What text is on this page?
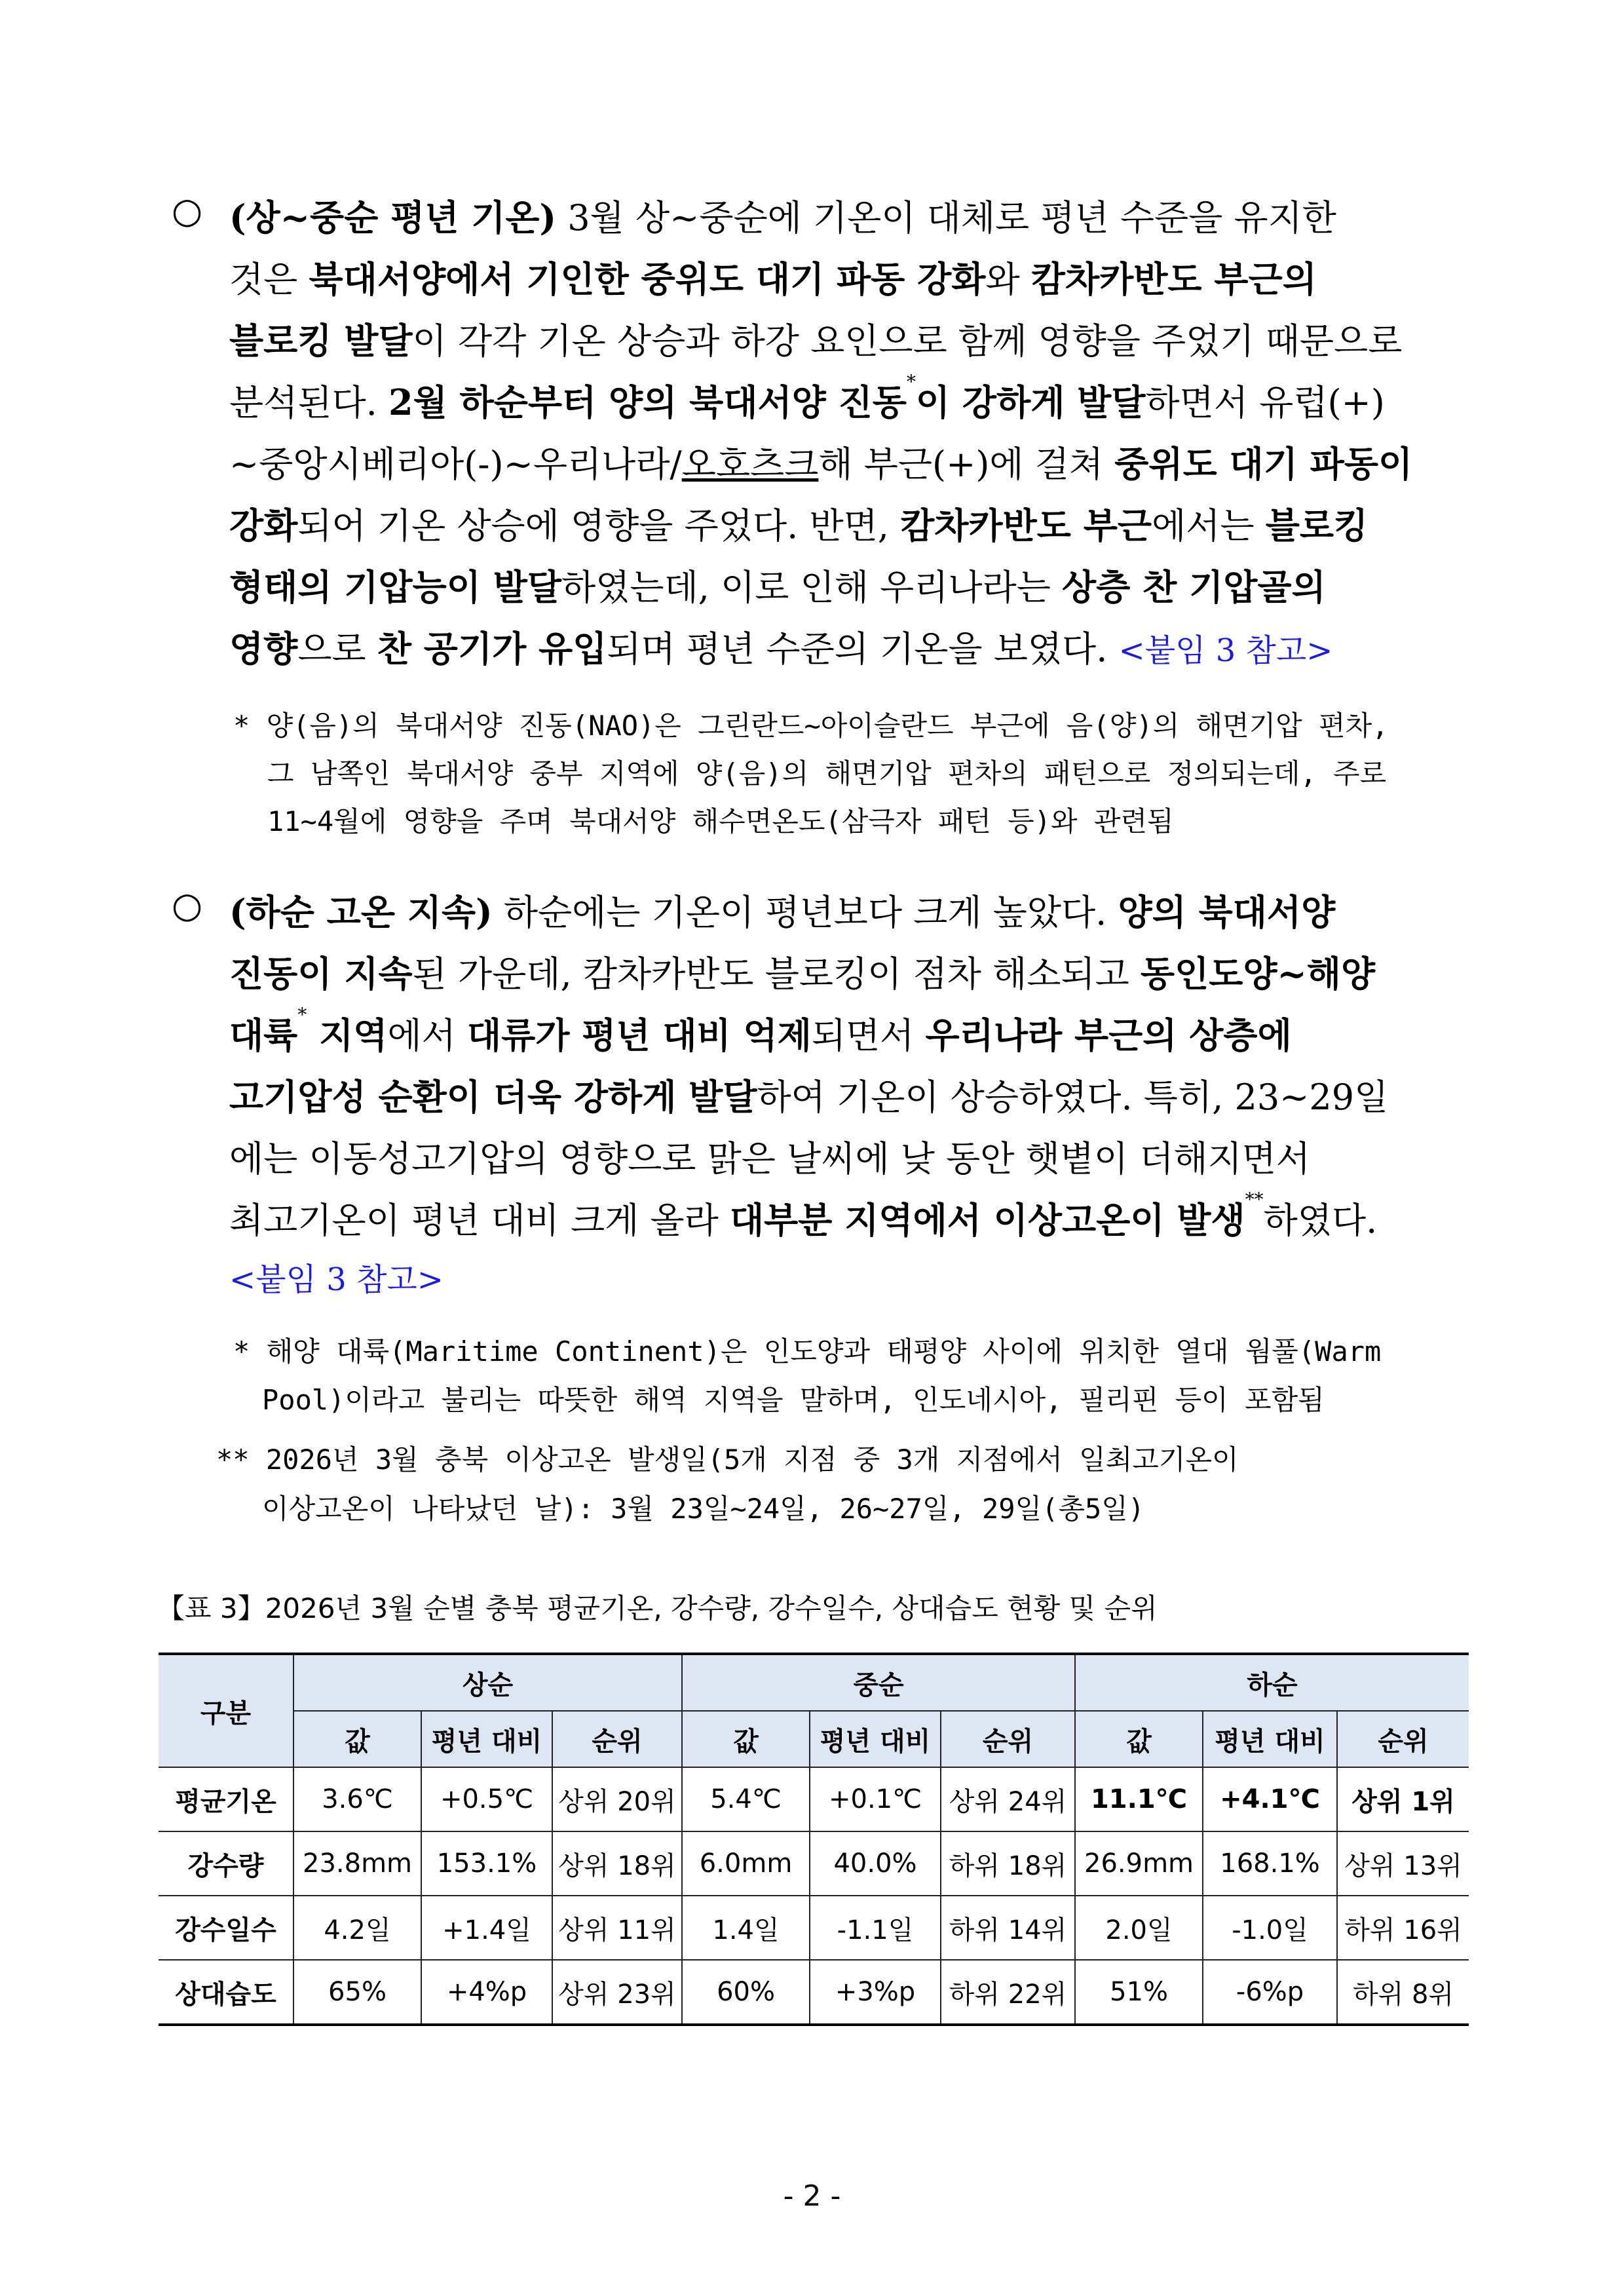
○ (상~중순 평년 기온) 3월 상~중순에 기온이 대체로 평년 수준을 유지한
것은 북대서양에서 기인한 중위도 대기 파동 강화와 캄차카반도 부근의
블로킹 발달이 각각 기온 상승과 하강 요인으로 함께 영향을 주었기 때문으로
분석된다. 2월 하순부터 양의 북대서양 진동*이 강하게 발달하면서 유럽(+)
~중앙시베리아(-)~우리나라/오호츠크해 부근(+)에 걸쳐 중위도 대기 파동이
강화되어 기온 상승에 영향을 주었다. 반면, 캄차카반도 부근에서는 블로킹
형태의 기압능이 발달하였는데, 이로 인해 우리나라는 상층 찬 기압골의
영향으로 찬 공기가 유입되며 평년 수준의 기온을 보였다. <붙임 3 참고>
* 양(음)의 북대서양 진동(NAO)은 그린란드~아이슬란드 부근에 음(양)의 해면기압 편차,
그 남쪽인 북대서양 중부 지역에 양(음)의 해면기압 편차의 패턴으로 정의되는데, 주로
11~4월에 영향을 주며 북대서양 해수면온도(삼극자 패턴 등)와 관련됨
○ (하순 고온 지속) 하순에는 기온이 평년보다 크게 높았다. 양의 북대서양
진동이 지속된 가운데, 캄차카반도 블로킹이 점차 해소되고 동인도양~해양
대륙* 지역에서 대류가 평년 대비 억제되면서 우리나라 부근의 상층에
고기압성 순환이 더욱 강하게 발달하여 기온이 상승하였다. 특히, 23~29일
에는 이동성고기압의 영향으로 맑은 날씨에 낮 동안 햇볕이 더해지면서
최고기온이 평년 대비 크게 올라 대부분 지역에서 이상고온이 발생**하였다.
<붙임 3 참고>
* 해양 대륙(Maritime Continent)은 인도양과 태평양 사이에 위치한 열대 웜풀(Warm
Pool)이라고 불리는 따뜻한 해역 지역을 말하며, 인도네시아, 필리핀 등이 포함됨
** 2026년 3월 충북 이상고온 발생일(5개 지점 중 3개 지점에서 일최고기온이
이상고온이 나타났던 날): 3월 23일~24일, 26~27일, 29일(총5일)
【표 3】2026년 3월 순별 충북 평균기온, 강수량, 강수일수, 상대습도 현황 및 순위
구분	상순			중순			하순		
	값	평년 대비	순위	값	평년 대비	순위	값	평년 대비	순위
평균기온	3.6℃	+0.5℃	상위 20위	5.4℃	+0.1℃	상위 24위	11.1℃	+4.1℃	상위 1위
강수량	23.8mm	153.1%	상위 18위	6.0mm	40.0%	하위 18위	26.9mm	168.1%	상위 13위
강수일수	4.2일	+1.4일	상위 11위	1.4일	-1.1일	하위 14위	2.0일	-1.0일	하위 16위
상대습도	65%	+4%p	상위 23위	60%	+3%p	하위 22위	51%	-6%p	하위 8위
- 2 -
